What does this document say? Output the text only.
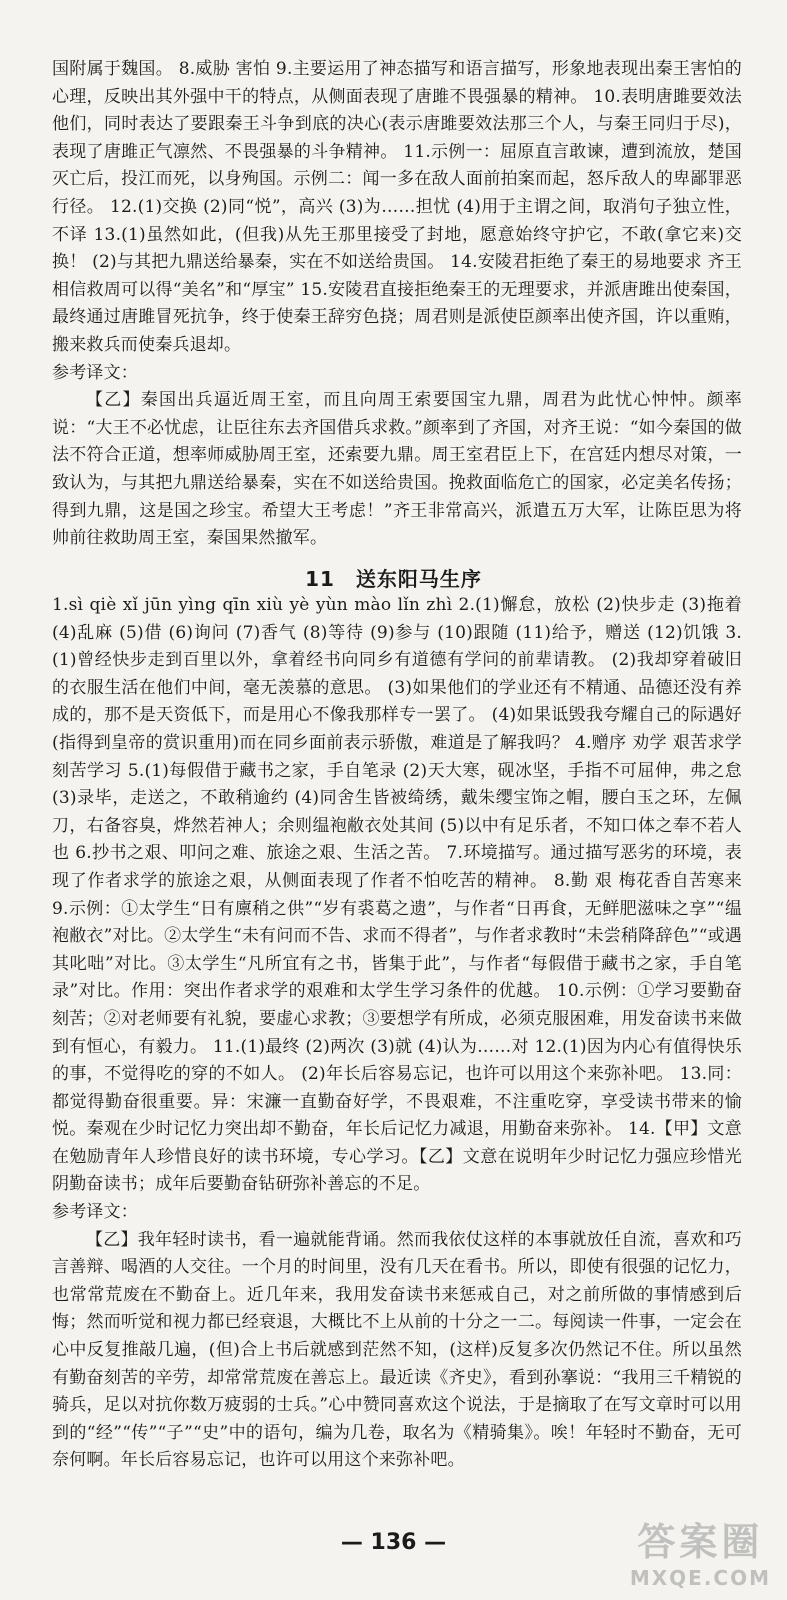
国附属于魏国。 8.威胁 害怕 9.主要运用了神态描写和语言描写，形象地表现出秦王害怕的心理，反映出其外强中干的特点，从侧面表现了唐雎不畏强暴的精神。 10.表明唐雎要效法他们，同时表达了要跟秦王斗争到底的决心(表示唐雎要效法那三个人，与秦王同归于尽)，表现了唐雎正气凛然、不畏强暴的斗争精神。 11.示例一：屈原直言敢谏，遭到流放，楚国灭亡后，投江而死，以身殉国。示例二：闻一多在敌人面前拍案而起，怒斥敌人的卑鄙罪恶行径。 12.(1)交换 (2)同“悦”，高兴 (3)为……担忧 (4)用于主谓之间，取消句子独立性，不译 13.(1)虽然如此，(但我)从先王那里接受了封地，愿意始终守护它，不敢(拿它来)交换！ (2)与其把九鼎送给暴秦，实在不如送给贵国。 14.安陵君拒绝了秦王的易地要求 齐王相信救周可以得“美名”和“厚宝” 15.安陵君直接拒绝秦王的无理要求，并派唐雎出使秦国，最终通过唐雎冒死抗争，终于使秦王辞穷色挠；周君则是派使臣颜率出使齐国，许以重贿，搬来救兵而使秦兵退却。

参考译文：

【乙】秦国出兵逼近周王室，而且向周王索要国宝九鼎，周君为此忧心忡忡。颜率说：“大王不必忧虑，让臣往东去齐国借兵求救。”颜率到了齐国，对齐王说：“如今秦国的做法不符合正道，想率师威胁周王室，还索要九鼎。周王室君臣上下，在宫廷内想尽对策，一致认为，与其把九鼎送给暴秦，实在不如送给贵国。挽救面临危亡的国家，必定美名传扬；得到九鼎，这是国之珍宝。希望大王考虑！”齐王非常高兴，派遣五万大军，让陈臣思为将帅前往救助周王室，秦国果然撤军。

11　送东阳马生序

1.sì qiè xǐ jūn yìng qīn xiù yè yùn mào lǐn zhì 2.(1)懈怠，放松 (2)快步走 (3)拖着 (4)乱麻 (5)借 (6)询问 (7)香气 (8)等待 (9)参与 (10)跟随 (11)给予，赠送 (12)饥饿 3.(1)曾经快步走到百里以外，拿着经书向同乡有道德有学问的前辈请教。 (2)我却穿着破旧的衣服生活在他们中间，毫无羡慕的意思。 (3)如果他们的学业还有不精通、品德还没有养成的，那不是天资低下，而是用心不像我那样专一罢了。 (4)如果诋毁我夸耀自己的际遇好(指得到皇帝的赏识重用)而在同乡面前表示骄傲，难道是了解我吗？ 4.赠序 劝学 艰苦求学 刻苦学习 5.(1)每假借于藏书之家，手自笔录 (2)天大寒，砚冰坚，手指不可屈伸，弗之怠 (3)录毕，走送之，不敢稍逾约 (4)同舍生皆被绮绣，戴朱缨宝饰之帽，腰白玉之环，左佩刀，右备容臭，烨然若神人；余则缊袍敝衣处其间 (5)以中有足乐者，不知口体之奉不若人也 6.抄书之艰、叩问之难、旅途之艰、生活之苦。 7.环境描写。通过描写恶劣的环境，表现了作者求学的旅途之艰，从侧面表现了作者不怕吃苦的精神。 8.勤 艰 梅花香自苦寒来 9.示例：①太学生“日有廪稍之供”“岁有裘葛之遗”，与作者“日再食，无鲜肥滋味之享”“缊袍敝衣”对比。②太学生“未有问而不告、求而不得者”，与作者求教时“未尝稍降辞色”“或遇其叱咄”对比。③太学生“凡所宜有之书，皆集于此”，与作者“每假借于藏书之家，手自笔录”对比。作用：突出作者求学的艰难和太学生学习条件的优越。 10.示例：①学习要勤奋刻苦；②对老师要有礼貌，要虚心求教；③要想学有所成，必须克服困难，用发奋读书来做到有恒心，有毅力。 11.(1)最终 (2)两次 (3)就 (4)认为……对 12.(1)因为内心有值得快乐的事，不觉得吃的穿的不如人。 (2)年长后容易忘记，也许可以用这个来弥补吧。 13.同：都觉得勤奋很重要。异：宋濂一直勤奋好学，不畏艰难，不注重吃穿，享受读书带来的愉悦。秦观在少时记忆力突出却不勤奋，年长后记忆力减退，用勤奋来弥补。 14.【甲】文意在勉励青年人珍惜良好的读书环境，专心学习。【乙】文意在说明年少时记忆力强应珍惜光阴勤奋读书；成年后要勤奋钻研弥补善忘的不足。

参考译文：

【乙】我年轻时读书，看一遍就能背诵。然而我依仗这样的本事就放任自流，喜欢和巧言善辩、喝酒的人交往。一个月的时间里，没有几天在看书。所以，即使有很强的记忆力，也常常荒废在不勤奋上。近几年来，我用发奋读书来惩戒自己，对之前所做的事情感到后悔；然而听觉和视力都已经衰退，大概比不上从前的十分之一二。每阅读一件事，一定会在心中反复推敲几遍，(但)合上书后就感到茫然不知，(这样)反复多次仍然记不住。所以虽然有勤奋刻苦的辛劳，却常常荒废在善忘上。最近读《齐史》，看到孙搴说：“我用三千精锐的骑兵，足以对抗你数万疲弱的士兵。”心中赞同喜欢这个说法，于是摘取了在写文章时可以用到的“经”“传”“子”“史”中的语句，编为几卷，取名为《精骑集》。唉！年轻时不勤奋，无可奈何啊。年长后容易忘记，也许可以用这个来弥补吧。

— 136 —	答案圈
MXQE.COM
